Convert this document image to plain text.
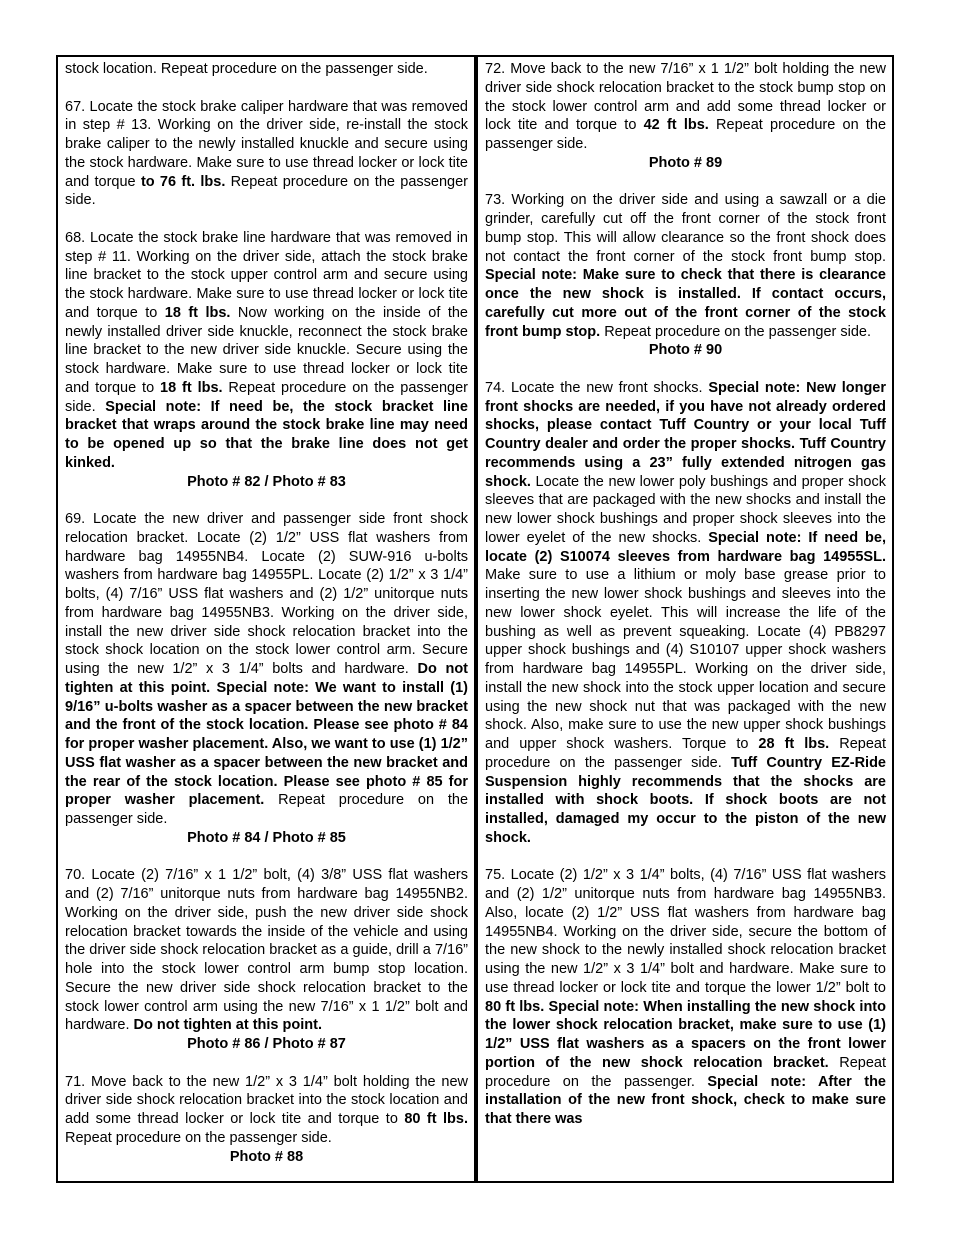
stock location. Repeat procedure on the passenger side.

67. Locate the stock brake caliper hardware that was removed in step # 13. Working on the driver side, re-install the stock brake caliper to the newly installed knuckle and secure using the stock hardware. Make sure to use thread locker or lock tite and torque to 76 ft. lbs. Repeat procedure on the passenger side.

68. Locate the stock brake line hardware that was removed in step # 11. Working on the driver side, attach the stock brake line bracket to the stock upper control arm and secure using the stock hardware. Make sure to use thread locker or lock tite and torque to 18 ft lbs. Now working on the inside of the newly installed driver side knuckle, reconnect the stock brake line bracket to the new driver side knuckle. Secure using the stock hardware. Make sure to use thread locker or lock tite and torque to 18 ft lbs. Repeat procedure on the passenger side. Special note: If need be, the stock bracket line bracket that wraps around the stock brake line may need to be opened up so that the brake line does not get kinked.

Photo # 82 / Photo # 83

69. Locate the new driver and passenger side front shock relocation bracket. Locate (2) 1/2” USS flat washers from hardware bag 14955NB4. Locate (2) SUW-916 u-bolts washers from hardware bag 14955PL. Locate (2) 1/2” x 3 1/4” bolts, (4) 7/16” USS flat washers and (2) 1/2” unitorque nuts from hardware bag 14955NB3. Working on the driver side, install the new driver side shock relocation bracket into the stock shock location on the stock lower control arm. Secure using the new 1/2” x 3 1/4” bolts and hardware. Do not tighten at this point. Special note: We want to install (1) 9/16” u-bolts washer as a spacer between the new bracket and the front of the stock location. Please see photo # 84 for proper washer placement. Also, we want to use (1) 1/2” USS flat washer as a spacer between the new bracket and the rear of the stock location. Please see photo # 85 for proper washer placement. Repeat procedure on the passenger side.

Photo # 84 / Photo # 85

70. Locate (2) 7/16” x 1 1/2” bolt, (4) 3/8” USS flat washers and (2) 7/16” unitorque nuts from hardware bag 14955NB2. Working on the driver side, push the new driver side shock relocation bracket towards the inside of the vehicle and using the driver side shock relocation bracket as a guide, drill a 7/16” hole into the stock lower control arm bump stop location. Secure the new driver side shock relocation bracket to the stock lower control arm using the new 7/16” x 1 1/2” bolt and hardware. Do not tighten at this point.

Photo # 86 / Photo # 87

71. Move back to the new 1/2” x 3 1/4” bolt holding the new driver side shock relocation bracket into the stock location and add some thread locker or lock tite and torque to 80 ft lbs. Repeat procedure on the passenger side.

Photo # 88

72. Move back to the new 7/16” x 1 1/2” bolt holding the new driver side shock relocation bracket to the stock bump stop on the stock lower control arm and add some thread locker or lock tite and torque to 42 ft lbs. Repeat procedure on the passenger side.

Photo # 89

73. Working on the driver side and using a sawzall or a die grinder, carefully cut off the front corner of the stock front bump stop. This will allow clearance so the front shock does not contact the front corner of the stock front bump stop. Special note: Make sure to check that there is clearance once the new shock is installed. If contact occurs, carefully cut more out of the front corner of the stock front bump stop. Repeat procedure on the passenger side.

Photo # 90

74. Locate the new front shocks. Special note: New longer front shocks are needed, if you have not already ordered shocks, please contact Tuff Country or your local Tuff Country dealer and order the proper shocks. Tuff Country recommends using a 23” fully extended nitrogen gas shock. Locate the new lower poly bushings and proper shock sleeves that are packaged with the new shocks and install the new lower shock bushings and proper shock sleeves into the lower eyelet of the new shocks. Special note: If need be, locate (2) S10074 sleeves from hardware bag 14955SL. Make sure to use a lithium or moly base grease prior to inserting the new lower shock bushings and sleeves into the new lower shock eyelet. This will increase the life of the bushing as well as prevent squeaking. Locate (4) PB8297 upper shock bushings and (4) S10107 upper shock washers from hardware bag 14955PL. Working on the driver side, install the new shock into the stock upper location and secure using the new shock nut that was packaged with the new shock. Also, make sure to use the new upper shock bushings and upper shock washers. Torque to 28 ft lbs. Repeat procedure on the passenger side. Tuff Country EZ-Ride Suspension highly recommends that the shocks are installed with shock boots. If shock boots are not installed, damaged my occur to the piston of the new shock.

75. Locate (2) 1/2” x 3 1/4” bolts, (4) 7/16” USS flat washers and (2) 1/2” unitorque nuts from hardware bag 14955NB3. Also, locate (2) 1/2” USS flat washers from hardware bag 14955NB4. Working on the driver side, secure the bottom of the new shock to the newly installed shock relocation bracket using the new 1/2” x 3 1/4” bolt and hardware. Make sure to use thread locker or lock tite and torque the lower 1/2” bolt to 80 ft lbs. Special note: When installing the new shock into the lower shock relocation bracket, make sure to use (1) 1/2” USS flat washers as a spacers on the front lower portion of the new shock relocation bracket. Repeat procedure on the passenger. Special note: After the installation of the new front shock, check to make sure that there was
